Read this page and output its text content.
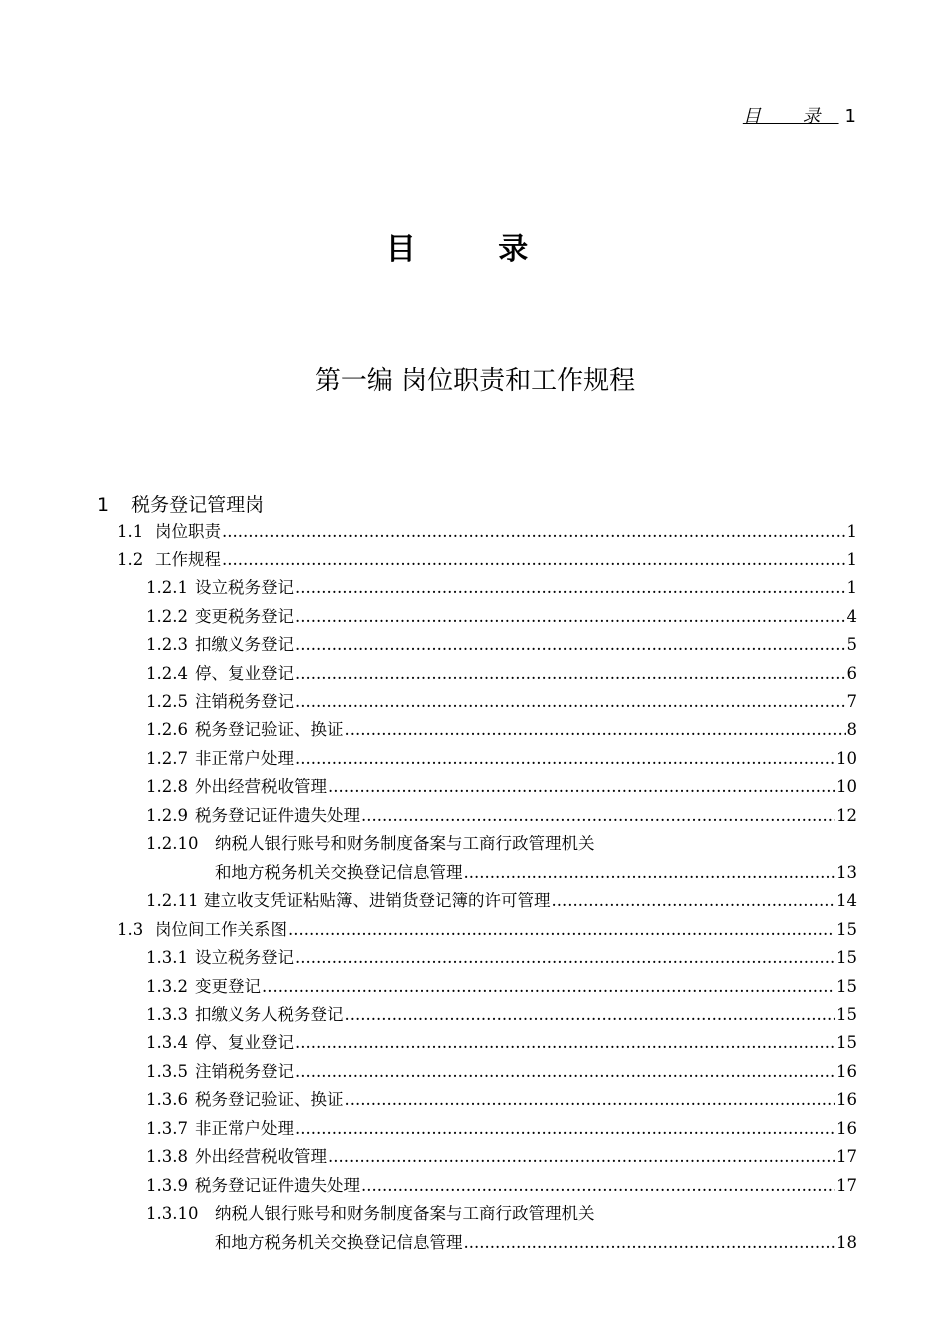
目 录 1
目 录
第一编 岗位职责和工作规程
1 税务登记管理岗
1.1 岗位职责 .....	1
1.2 工作规程 .....	1
1.2.1 设立税务登记 .....	1
1.2.2 变更税务登记 .....	4
1.2.3 扣缴义务登记 .....	5
1.2.4 停、复业登记 .....	6
1.2.5 注销税务登记 .....	7
1.2.6 税务登记验证、换证 .....	8
1.2.7 非正常户处理 .....	10
1.2.8 外出经营税收管理 .....	10
1.2.9 税务登记证件遗失处理 .....	12
1.2.10 纳税人银行账号和财务制度备案与工商行政管理机关
和地方税务机关交换登记信息管理 .....	13
1.2.11 建立收支凭证粘贴簿、进销货登记簿的许可管理 .....	14
1.3 岗位间工作关系图 .....	15
1.3.1 设立税务登记 .....	15
1.3.2 变更登记 .....	15
1.3.3 扣缴义务人税务登记 .....	15
1.3.4 停、复业登记 .....	15
1.3.5 注销税务登记 .....	16
1.3.6 税务登记验证、换证 .....	16
1.3.7 非正常户处理 .....	16
1.3.8 外出经营税收管理 .....	17
1.3.9 税务登记证件遗失处理 .....	17
1.3.10 纳税人银行账号和财务制度备案与工商行政管理机关
和地方税务机关交换登记信息管理 .....	18
